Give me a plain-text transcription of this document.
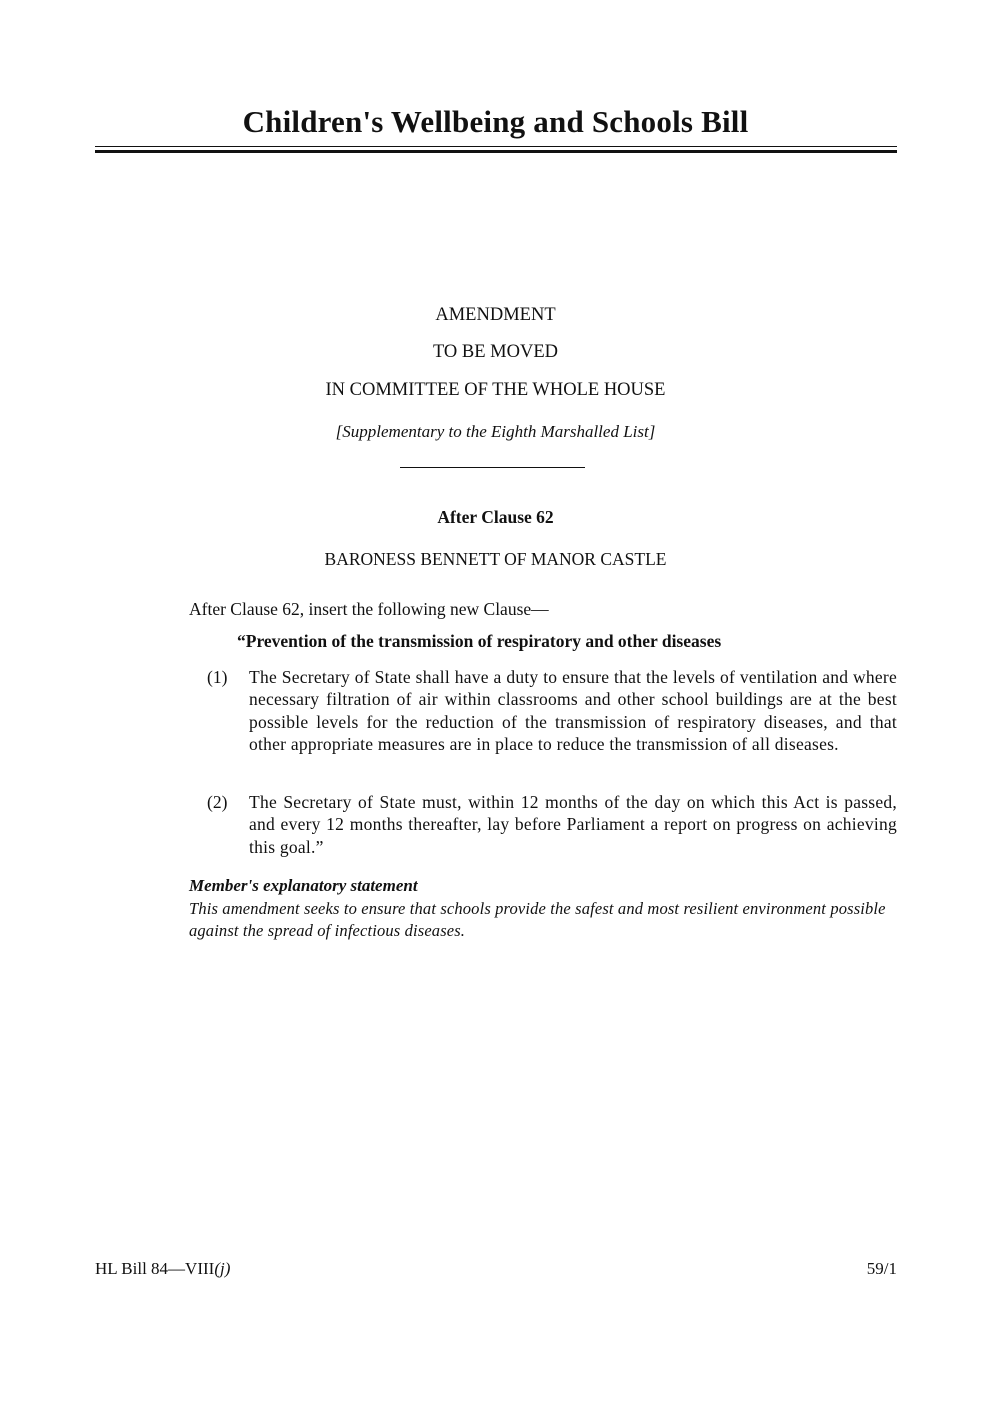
Children's Wellbeing and Schools Bill
AMENDMENT
TO BE MOVED
IN COMMITTEE OF THE WHOLE HOUSE
[Supplementary to the Eighth Marshalled List]
After Clause 62
BARONESS BENNETT OF MANOR CASTLE
After Clause 62, insert the following new Clause—
“Prevention of the transmission of respiratory and other diseases
(1) The Secretary of State shall have a duty to ensure that the levels of ventilation and where necessary filtration of air within classrooms and other school buildings are at the best possible levels for the reduction of the transmission of respiratory diseases, and that other appropriate measures are in place to reduce the transmission of all diseases.
(2) The Secretary of State must, within 12 months of the day on which this Act is passed, and every 12 months thereafter, lay before Parliament a report on progress on achieving this goal.”
Member's explanatory statement
This amendment seeks to ensure that schools provide the safest and most resilient environment possible against the spread of infectious diseases.
HL Bill 84—VIII(j)	59/1
